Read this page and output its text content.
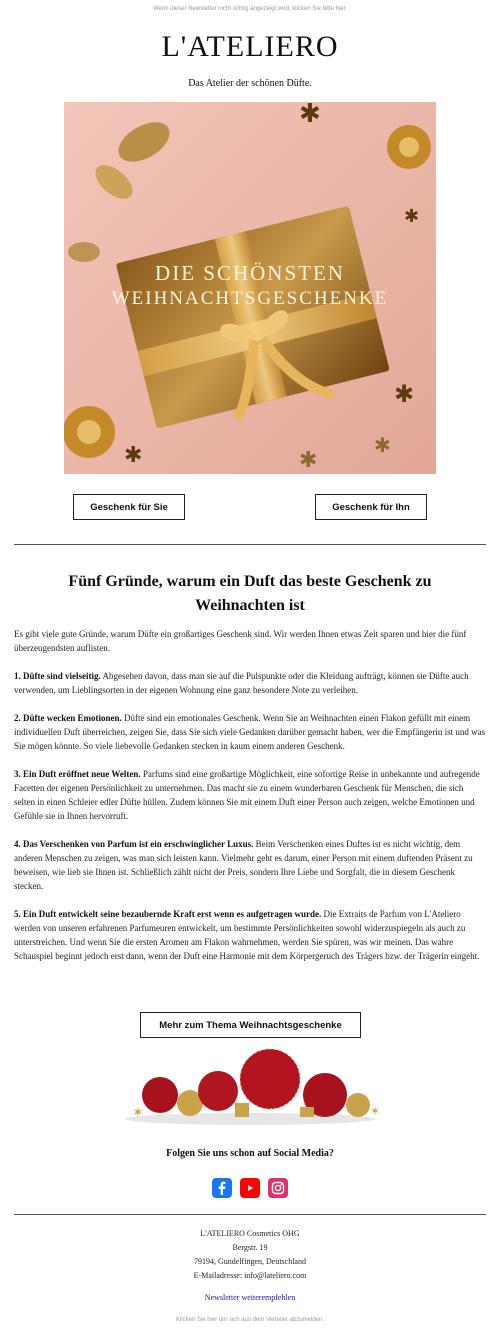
Wenn dieser Newsletter nicht richtig angezeigt wird, klicken Sie bitte hier.
L'ATELIERO
Das Atelier der schönen Düfte.
✱
✱
✱
✱
✱
✱
DIE SCHÖNSTEN
WEIHNACHTSGESCHENKE
Geschenk für Sie	Geschenk für Ihn
Fünf Gründe, warum ein Duft das beste Geschenk zu Weihnachten ist

Es gibt viele gute Gründe, warum Düfte ein großartiges Geschenk sind. Wir werden Ihnen etwas Zeit sparen und hier die fünf überzeugendsten auflisten.

1. Düfte sind vielseitig. Abgesehen davon, dass man sie auf die Pulspunkte oder die Kleidung aufträgt, können sie Düfte auch verwenden, um Lieblingsorten in der eigenen Wohnung eine ganz besondere Note zu verleihen.

2. Düfte wecken Emotionen. Düfte sind ein emotionales Geschenk. Wenn Sie an Weihnachten einen Flakon gefüllt mit einem individuellen Duft überreichen, zeigen Sie, dass Sie sich viele Gedanken darüber gemacht haben, wer die Empfängerin ist und was Sie mögen könnte. So viele liebevolle Gedanken stecken in kaum einem anderen Geschenk.

3. Ein Duft eröffnet neue Welten. Parfums sind eine großartige Möglichkeit, eine sofortige Reise in unbekannte und aufregende Facetten der eigenen Persönlichkeit zu unternehmen. Das macht sie zu einem wunderbaren Geschenk für Menschen, die sich selten in einen Schleier edler Düfte hüllen. Zudem können Sie mit einem Duft einer Person auch zeigen, welche Emotionen und Gefühle sie in Ihnen hervorruft.

4. Das Verschenken von Parfum ist ein erschwinglicher Luxus. Beim Verschenken eines Duftes ist es nicht wichtig, dem anderen Menschen zu zeigen, was man sich leisten kann. Vielmehr geht es darum, einer Person mit einem duftenden Präsent zu beweisen, wie lieb sie Ihnen ist. Schließlich zählt nicht der Preis, sondern Ihre Liebe und Sorgfalt, die in diesem Geschenk stecken.

5. Ein Duft entwickelt seine bezaubernde Kraft erst wenn es aufgetragen wurde. Die Extraits de Parfum von L'Ateliero werden von unseren erfahrenen Parfumeuren entwickelt, um bestimmte Persönlichkeiten sowohl widerzuspiegeln als auch zu unterstreichen. Und wenn Sie die ersten Aromen am Flakon wahrnehmen, werden Sie spüren, was wir meinen. Das wahre Schauspiel beginnt jedoch erst dann, wenn der Duft eine Harmonie mit dem Körpergeruch des Trägers bzw. der Trägerin eingeht.

Mehr zum Thema Weihnachtsgeschenke
✶	✶
Folgen Sie uns schon auf Social Media?
L'ATELIERO Cosmetics OHG
Bergstr. 19
79194, Gundelfingen, Deutschland
E-Mailadresse: info@lateliero.com
Newsletter weiterempfehlen
Klicken Sie hier um sich aus dem Verteiler abzumelden.
